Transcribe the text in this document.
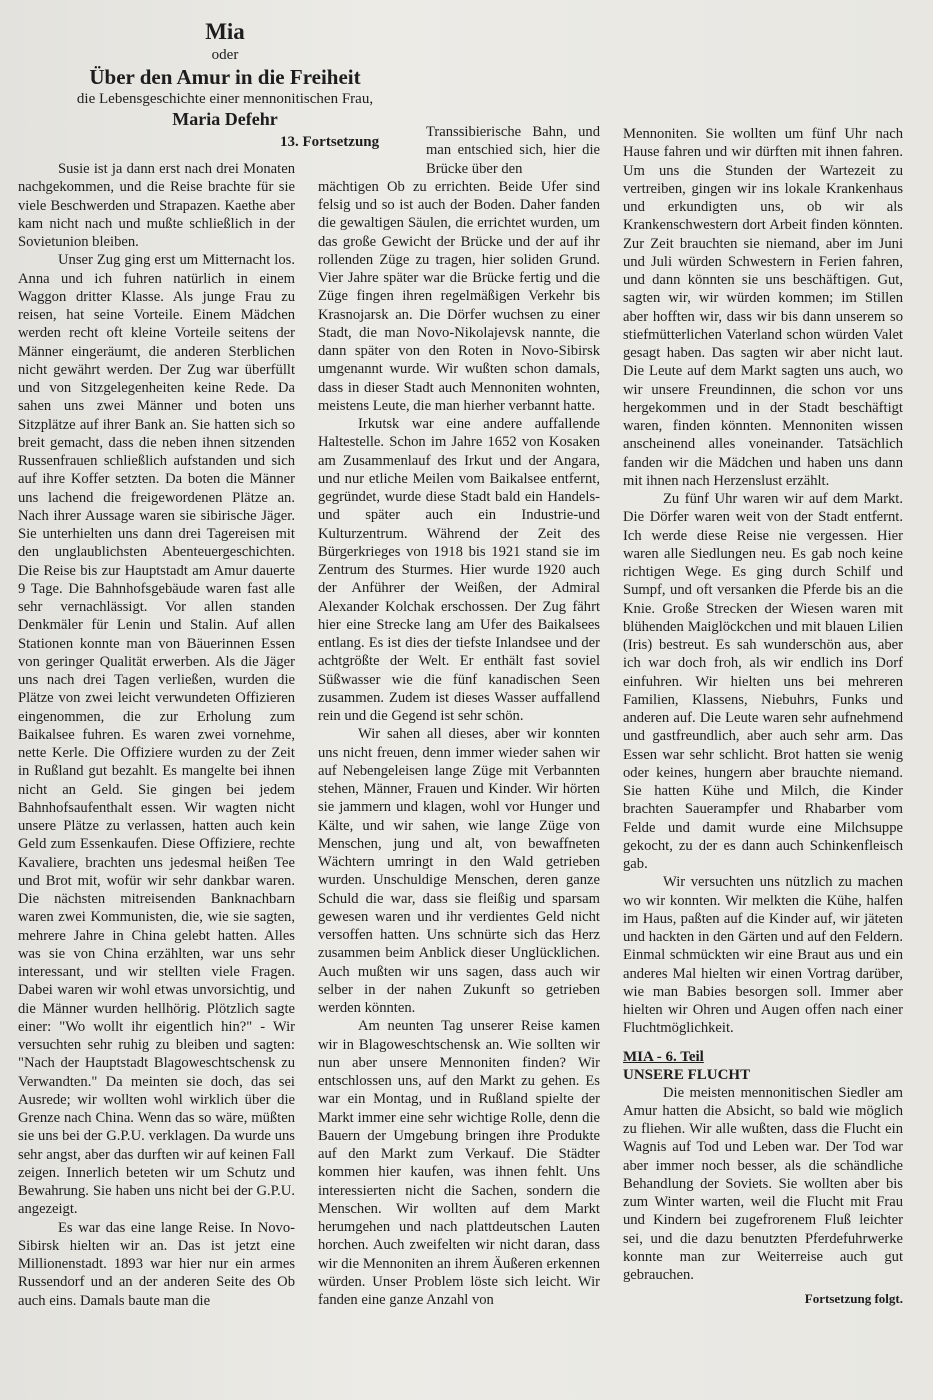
Mia
oder
Über den Amur in die Freiheit
die Lebensgeschichte einer mennonitischen Frau,
Maria Defehr
13. Fortsetzung

Susie ist ja dann erst nach drei Monaten nachgekommen, und die Reise brachte für sie viele Beschwerden und Strapazen. Kaethe aber kam nicht nach und mußte schließlich in der Sovietunion bleiben.

Unser Zug ging erst um Mitternacht los. Anna und ich fuhren natürlich in einem Waggon dritter Klasse. Als junge Frau zu reisen, hat seine Vorteile. Einem Mädchen werden recht oft kleine Vorteile seitens der Männer eingeräumt, die anderen Sterblichen nicht gewährt werden. Der Zug war überfüllt und von Sitzgelegenheiten keine Rede. Da sahen uns zwei Männer und boten uns Sitzplätze auf ihrer Bank an. Sie hatten sich so breit gemacht, dass die neben ihnen sitzenden Russenfrauen schließlich aufstanden und sich auf ihre Koffer setzten. Da boten die Männer uns lachend die freigewordenen Plätze an. Nach ihrer Aussage waren sie sibirische Jäger. Sie unterhielten uns dann drei Tagereisen mit den unglaublichsten Abenteuergeschichten. Die Reise bis zur Hauptstadt am Amur dauerte 9 Tage. Die Bahnhofsgebäude waren fast alle sehr vernachlässigt. Vor allen standen Denkmäler für Lenin und Stalin. Auf allen Stationen konnte man von Bäuerinnen Essen von geringer Qualität erwerben. Als die Jäger uns nach drei Tagen verließen, wurden die Plätze von zwei leicht verwundeten Offizieren eingenommen, die zur Erholung zum Baikalsee fuhren. Es waren zwei vornehme, nette Kerle. Die Offiziere wurden zu der Zeit in Rußland gut bezahlt. Es mangelte bei ihnen nicht an Geld. Sie gingen bei jedem Bahnhofsaufenthalt essen. Wir wagten nicht unsere Plätze zu verlassen, hatten auch kein Geld zum Essenkaufen. Diese Offiziere, rechte Kavaliere, brachten uns jedesmal heißen Tee und Brot mit, wofür wir sehr dankbar waren. Die nächsten mitreisenden Banknachbarn waren zwei Kommunisten, die, wie sie sagten, mehrere Jahre in China gelebt hatten. Alles was sie von China erzählten, war uns sehr interessant, und wir stellten viele Fragen. Dabei waren wir wohl etwas unvorsichtig, und die Männer wurden hellhörig. Plötzlich sagte einer: "Wo wollt ihr eigentlich hin?" - Wir versuchten sehr ruhig zu bleiben und sagten: "Nach der Hauptstadt Blagoweschtschensk zu Verwandten." Da meinten sie doch, das sei Ausrede; wir wollten wohl wirklich über die Grenze nach China. Wenn das so wäre, müßten sie uns bei der G.P.U. verklagen. Da wurde uns sehr angst, aber das durften wir auf keinen Fall zeigen. Innerlich beteten wir um Schutz und Bewahrung. Sie haben uns nicht bei der G.P.U. angezeigt.

Es war das eine lange Reise. In Novo-Sibirsk hielten wir an. Das ist jetzt eine Millionenstadt. 1893 war hier nur ein armes Russendorf und an der anderen Seite des Ob auch eins. Damals baute man die

Transsibierische Bahn, und man entschied sich, hier die Brücke über den

mächtigen Ob zu errichten. Beide Ufer sind felsig und so ist auch der Boden. Daher fanden die gewaltigen Säulen, die errichtet wurden, um das große Gewicht der Brücke und der auf ihr rollenden Züge zu tragen, hier soliden Grund. Vier Jahre später war die Brücke fertig und die Züge fingen ihren regelmäßigen Verkehr bis Krasnojarsk an. Die Dörfer wuchsen zu einer Stadt, die man Novo-Nikolajevsk nannte, die dann später von den Roten in Novo-Sibirsk umgenannt wurde. Wir wußten schon damals, dass in dieser Stadt auch Mennoniten wohnten, meistens Leute, die man hierher verbannt hatte.

Irkutsk war eine andere auffallende Haltestelle. Schon im Jahre 1652 von Kosaken am Zusammenlauf des Irkut und der Angara, und nur etliche Meilen vom Baikalsee entfernt, gegründet, wurde diese Stadt bald ein Handels- und später auch ein Industrie-und Kulturzentrum. Während der Zeit des Bürgerkrieges von 1918 bis 1921 stand sie im Zentrum des Sturmes. Hier wurde 1920 auch der Anführer der Weißen, der Admiral Alexander Kolchak erschossen. Der Zug fährt hier eine Strecke lang am Ufer des Baikalsees entlang. Es ist dies der tiefste Inlandsee und der achtgrößte der Welt. Er enthält fast soviel Süßwasser wie die fünf kanadischen Seen zusammen. Zudem ist dieses Wasser auffallend rein und die Gegend ist sehr schön.

Wir sahen all dieses, aber wir konnten uns nicht freuen, denn immer wieder sahen wir auf Nebengeleisen lange Züge mit Verbannten stehen, Männer, Frauen und Kinder. Wir hörten sie jammern und klagen, wohl vor Hunger und Kälte, und wir sahen, wie lange Züge von Menschen, jung und alt, von bewaffneten Wächtern umringt in den Wald getrieben wurden. Unschuldige Menschen, deren ganze Schuld die war, dass sie fleißig und sparsam gewesen waren und ihr verdientes Geld nicht versoffen hatten. Uns schnürte sich das Herz zusammen beim Anblick dieser Unglücklichen. Auch mußten wir uns sagen, dass auch wir selber in der nahen Zukunft so getrieben werden könnten.

Am neunten Tag unserer Reise kamen wir in Blagoweschtschensk an. Wie sollten wir nun aber unsere Mennoniten finden? Wir entschlossen uns, auf den Markt zu gehen. Es war ein Montag, und in Rußland spielte der Markt immer eine sehr wichtige Rolle, denn die Bauern der Umgebung bringen ihre Produkte auf den Markt zum Verkauf. Die Städter kommen hier kaufen, was ihnen fehlt. Uns interessierten nicht die Sachen, sondern die Menschen. Wir wollten auf dem Markt herumgehen und nach plattdeutschen Lauten horchen. Auch zweifelten wir nicht daran, dass wir die Mennoniten an ihrem Äußeren erkennen würden. Unser Problem löste sich leicht. Wir fanden eine ganze Anzahl von

Mennoniten. Sie wollten um fünf Uhr nach Hause fahren und wir dürften mit ihnen fahren. Um uns die Stunden der Wartezeit zu vertreiben, gingen wir ins lokale Krankenhaus und erkundigten uns, ob wir als Krankenschwestern dort Arbeit finden könnten. Zur Zeit brauchten sie niemand, aber im Juni und Juli würden Schwestern in Ferien fahren, und dann könnten sie uns beschäftigen. Gut, sagten wir, wir würden kommen; im Stillen aber hofften wir, dass wir bis dann unserem so stiefmütterlichen Vaterland schon würden Valet gesagt haben. Das sagten wir aber nicht laut. Die Leute auf dem Markt sagten uns auch, wo wir unsere Freundinnen, die schon vor uns hergekommen und in der Stadt beschäftigt waren, finden könnten. Mennoniten wissen anscheinend alles voneinander. Tatsächlich fanden wir die Mädchen und haben uns dann mit ihnen nach Herzenslust erzählt.

Zu fünf Uhr waren wir auf dem Markt. Die Dörfer waren weit von der Stadt entfernt. Ich werde diese Reise nie vergessen. Hier waren alle Siedlungen neu. Es gab noch keine richtigen Wege. Es ging durch Schilf und Sumpf, und oft versanken die Pferde bis an die Knie. Große Strecken der Wiesen waren mit blühenden Maiglöckchen und mit blauen Lilien (Iris) bestreut. Es sah wunderschön aus, aber ich war doch froh, als wir endlich ins Dorf einfuhren. Wir hielten uns bei mehreren Familien, Klassens, Niebuhrs, Funks und anderen auf. Die Leute waren sehr aufnehmend und gastfreundlich, aber auch sehr arm. Das Essen war sehr schlicht. Brot hatten sie wenig oder keines, hungern aber brauchte niemand. Sie hatten Kühe und Milch, die Kinder brachten Sauerampfer und Rhabarber vom Felde und damit wurde eine Milchsuppe gekocht, zu der es dann auch Schinkenfleisch gab.

Wir versuchten uns nützlich zu machen wo wir konnten. Wir melkten die Kühe, halfen im Haus, paßten auf die Kinder auf, wir jäteten und hackten in den Gärten und auf den Feldern. Einmal schmückten wir eine Braut aus und ein anderes Mal hielten wir einen Vortrag darüber, wie man Babies besorgen soll. Immer aber hielten wir Ohren und Augen offen nach einer Fluchtmöglichkeit.

MIA - 6. Teil
UNSERE FLUCHT

Die meisten mennonitischen Siedler am Amur hatten die Absicht, so bald wie möglich zu fliehen. Wir alle wußten, dass die Flucht ein Wagnis auf Tod und Leben war. Der Tod war aber immer noch besser, als die schändliche Behandlung der Soviets. Sie wollten aber bis zum Winter warten, weil die Flucht mit Frau und Kindern bei zugefrorenem Fluß leichter sei, und die dazu benutzten Pferdefuhrwerke konnte man zur Weiterreise auch gut gebrauchen.

Fortsetzung folgt.
